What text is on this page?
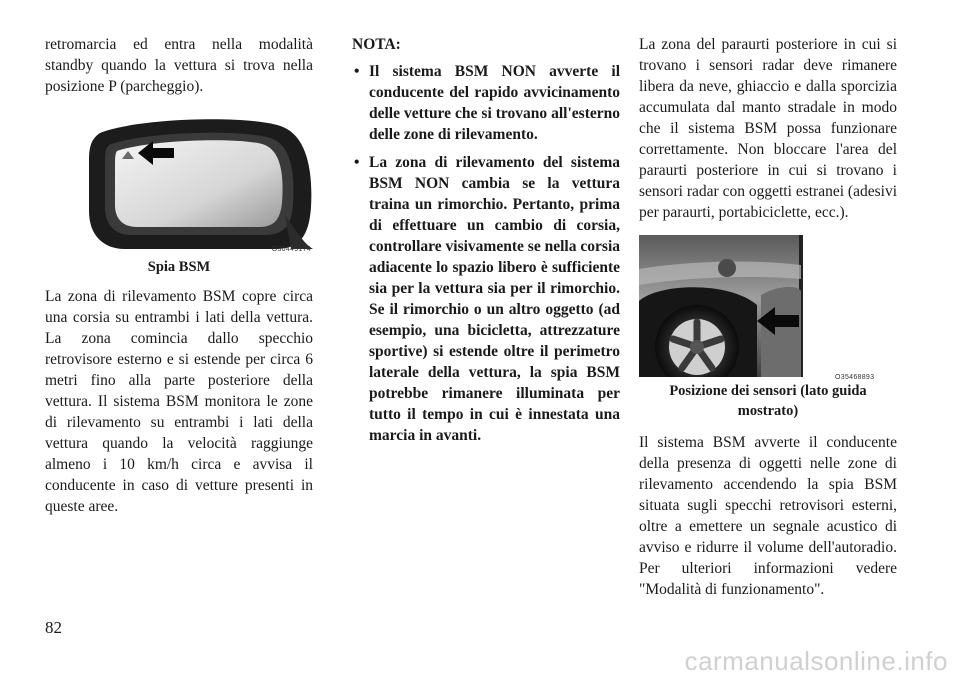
retromarcia ed entra nella modalità standby quando la vettura si trova nella posizione P (parcheggio).

O30449174
Spia BSM

La zona di rilevamento BSM copre circa una corsia su entrambi i lati della vettura. La zona comincia dallo specchio retrovisore esterno e si estende per circa 6 metri fino alla parte posteriore della vettura. Il sistema BSM monitora le zone di rilevamento su entrambi i lati della vettura quando la velocità raggiunge almeno i 10 km/h circa e avvisa il conducente in caso di vetture presenti in queste aree.

NOTA:
• Il sistema BSM NON avverte il conducente del rapido avvicinamento delle vetture che si trovano all'esterno delle zone di rilevamento.
• La zona di rilevamento del sistema BSM NON cambia se la vettura traina un rimorchio. Pertanto, prima di effettuare un cambio di corsia, controllare visivamente se nella corsia adiacente lo spazio libero è sufficiente sia per la vettura sia per il rimorchio. Se il rimorchio o un altro oggetto (ad esempio, una bicicletta, attrezzature sportive) si estende oltre il perimetro laterale della vettura, la spia BSM potrebbe rimanere illuminata per tutto il tempo in cui è innestata una marcia in avanti.

La zona del paraurti posteriore in cui si trovano i sensori radar deve rimanere libera da neve, ghiaccio e dalla sporcizia accumulata dal manto stradale in modo che il sistema BSM possa funzionare correttamente. Non bloccare l'area del paraurti posteriore in cui si trovano i sensori radar con oggetti estranei (adesivi per paraurti, portabiciclette, ecc.).

O35468893
Posizione dei sensori (lato guida mostrato)

Il sistema BSM avverte il conducente della presenza di oggetti nelle zone di rilevamento accendendo la spia BSM situata sugli specchi retrovisori esterni, oltre a emettere un segnale acustico di avviso e ridurre il volume dell'autoradio. Per ulteriori informazioni vedere "Modalità di funzionamento".

82
carmanualsonline.info
